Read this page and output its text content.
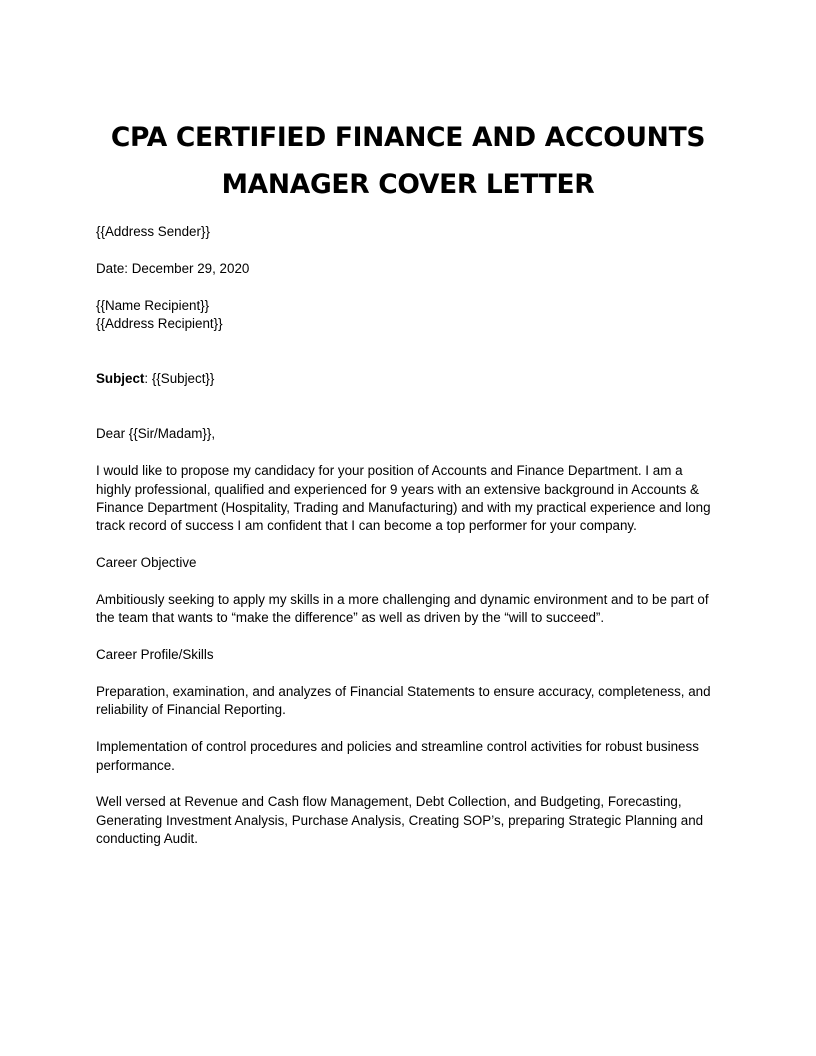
CPA CERTIFIED FINANCE AND ACCOUNTS
MANAGER COVER LETTER

{{Address Sender}}

Date: December 29, 2020

{{Name Recipient}}
{{Address Recipient}}

Subject: {{Subject}}

Dear {{Sir/Madam}},

I would like to propose my candidacy for your position of Accounts and Finance Department. I am a
highly professional, qualified and experienced for 9 years with an extensive background in Accounts &
Finance Department (Hospitality, Trading and Manufacturing) and with my practical experience and long
track record of success I am confident that I can become a top performer for your company.

Career Objective

Ambitiously seeking to apply my skills in a more challenging and dynamic environment and to be part of
the team that wants to “make the difference” as well as driven by the “will to succeed”.

Career Profile/Skills

Preparation, examination, and analyzes of Financial Statements to ensure accuracy, completeness, and
reliability of Financial Reporting.

Implementation of control procedures and policies and streamline control activities for robust business
performance.

Well versed at Revenue and Cash flow Management, Debt Collection, and Budgeting, Forecasting,
Generating Investment Analysis, Purchase Analysis, Creating SOP’s, preparing Strategic Planning and
conducting Audit.
